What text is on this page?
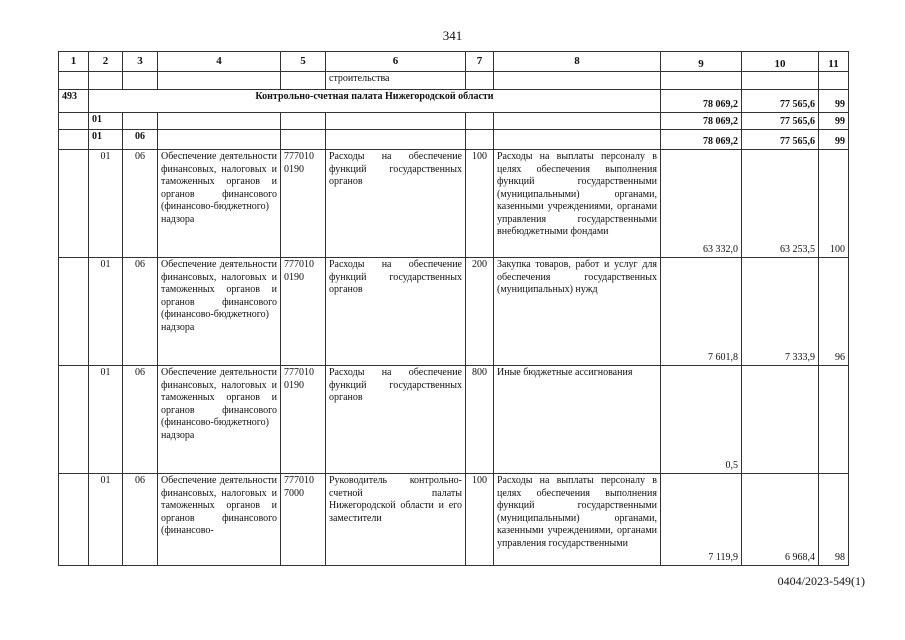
341
1	2	3	4	5	6	7	8	9	10	11
					строительства					
493	Контрольно-счетная палата Нижегородской области							78 069,2	77 565,6	99
	01							78 069,2	77 565,6	99
	01	06						78 069,2	77 565,6	99
	01	06	Обеспечение деятельности финансовых, налоговых и таможенных органов и органов финансового (финансово-бюджетного) надзора	777010 0190	Расходы на обеспечение функций государственных органов	100	Расходы на выплаты персоналу в целях обеспечения выполнения функций государственными (муниципальными) органами, казенными учреждениями, органами управления государственными внебюджетными фондами	63 332,0	63 253,5	100
	01	06	Обеспечение деятельности финансовых, налоговых и таможенных органов и органов финансового (финансово-бюджетного) надзора	777010 0190	Расходы на обеспечение функций государственных органов	200	Закупка товаров, работ и услуг для обеспечения государственных (муниципальных) нужд	7 601,8	7 333,9	96
	01	06	Обеспечение деятельности финансовых, налоговых и таможенных органов и органов финансового (финансово-бюджетного) надзора	777010 0190	Расходы на обеспечение функций государственных органов	800	Иные бюджетные ассигнования	0,5		
	01	06	Обеспечение деятельности финансовых, налоговых и таможенных органов и органов финансового (финансово-	777010 7000	Руководитель контрольно-счетной палаты Нижегородской области и его заместители	100	Расходы на выплаты персоналу в целях обеспечения выполнения функций государственными (муниципальными) органами, казенными учреждениями, органами управления государственными	7 119,9	6 968,4	98
0404/2023-549(1)
